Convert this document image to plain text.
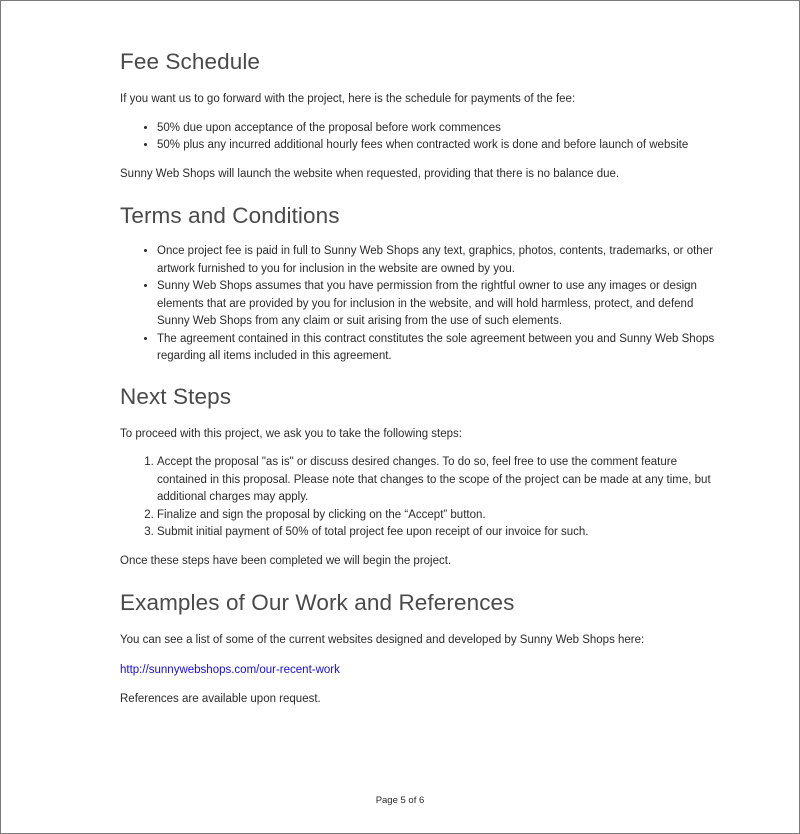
Fee Schedule

If you want us to go forward with the project, here is the schedule for payments of the fee:

• 50% due upon acceptance of the proposal before work commences
• 50% plus any incurred additional hourly fees when contracted work is done and before launch of website

Sunny Web Shops will launch the website when requested, providing that there is no balance due.

Terms and Conditions
• Once project fee is paid in full to Sunny Web Shops any text, graphics, photos, contents, trademarks, or other artwork furnished to you for inclusion in the website are owned by you.
• Sunny Web Shops assumes that you have permission from the rightful owner to use any images or design elements that are provided by you for inclusion in the website, and will hold harmless, protect, and defend Sunny Web Shops from any claim or suit arising from the use of such elements.
• The agreement contained in this contract constitutes the sole agreement between you and Sunny Web Shops regarding all items included in this agreement.
Next Steps

To proceed with this project, we ask you to take the following steps:

1. Accept the proposal "as is" or discuss desired changes. To do so, feel free to use the comment feature contained in this proposal. Please note that changes to the scope of the project can be made at any time, but additional charges may apply.
2. Finalize and sign the proposal by clicking on the “Accept” button.
3. Submit initial payment of 50% of total project fee upon receipt of our invoice for such.

Once these steps have been completed we will begin the project.

Examples of Our Work and References

You can see a list of some of the current websites designed and developed by Sunny Web Shops here:

http://sunnywebshops.com/our-recent-work

References are available upon request.

Page 5 of 6
